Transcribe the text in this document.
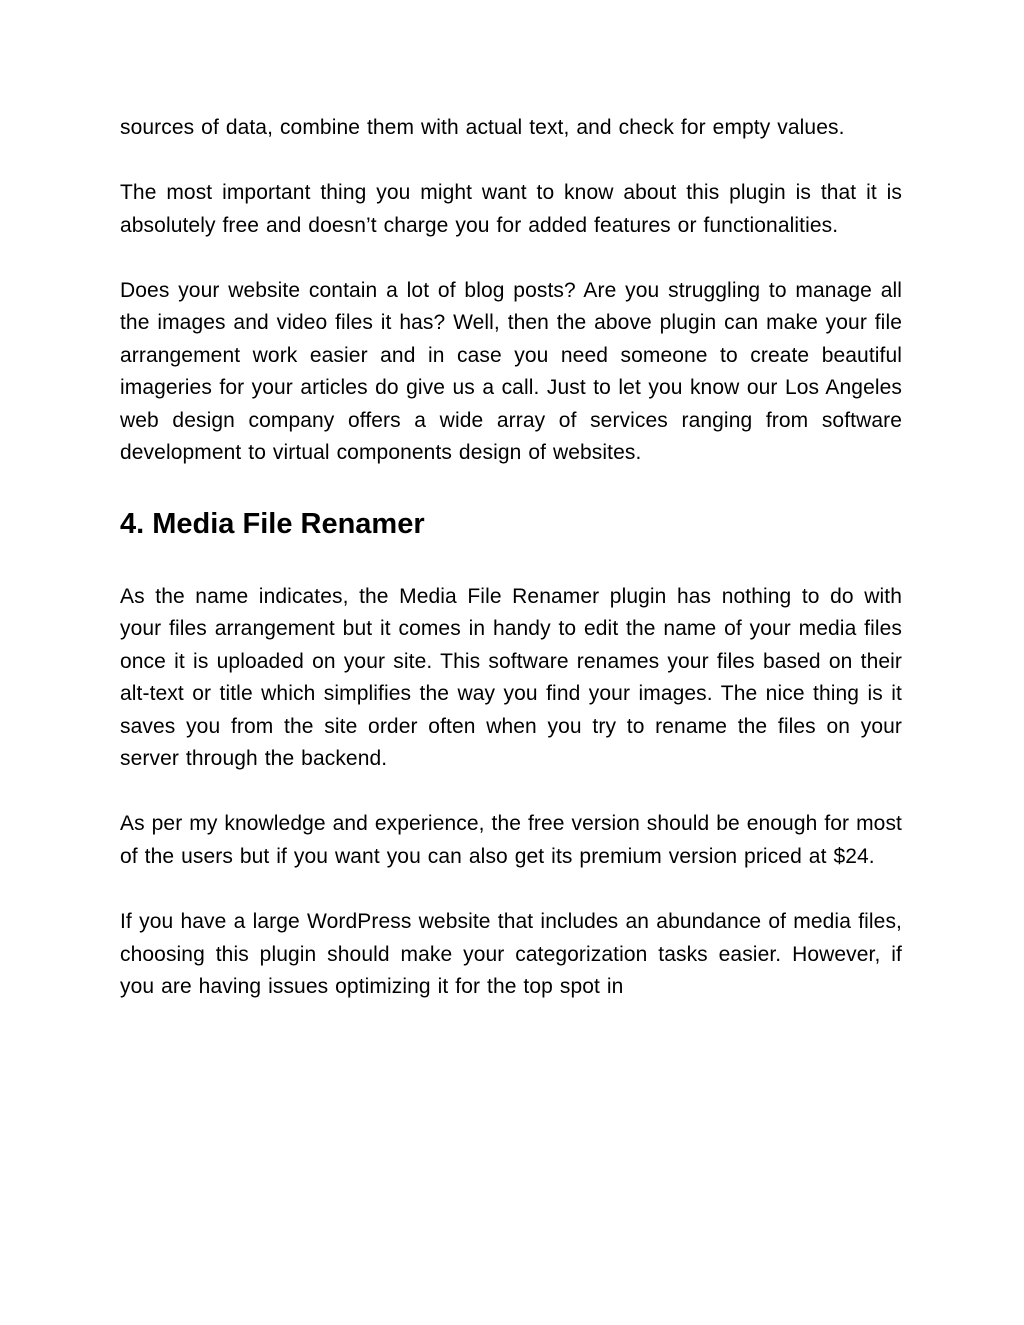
sources of data, combine them with actual text, and check for empty values.

The most important thing you might want to know about this plugin is that it is absolutely free and doesn’t charge you for added features or functionalities.

Does your website contain a lot of blog posts? Are you struggling to manage all the images and video files it has? Well, then the above plugin can make your file arrangement work easier and in case you need someone to create beautiful imageries for your articles do give us a call. Just to let you know our Los Angeles web design company offers a wide array of services ranging from software development to virtual components design of websites.

4. Media File Renamer

As the name indicates, the Media File Renamer plugin has nothing to do with your files arrangement but it comes in handy to edit the name of your media files once it is uploaded on your site. This software renames your files based on their alt-text or title which simplifies the way you find your images. The nice thing is it saves you from the site order often when you try to rename the files on your server through the backend.

As per my knowledge and experience, the free version should be enough for most of the users but if you want you can also get its premium version priced at $24.

If you have a large WordPress website that includes an abundance of media files, choosing this plugin should make your categorization tasks easier. However, if you are having issues optimizing it for the top spot in
